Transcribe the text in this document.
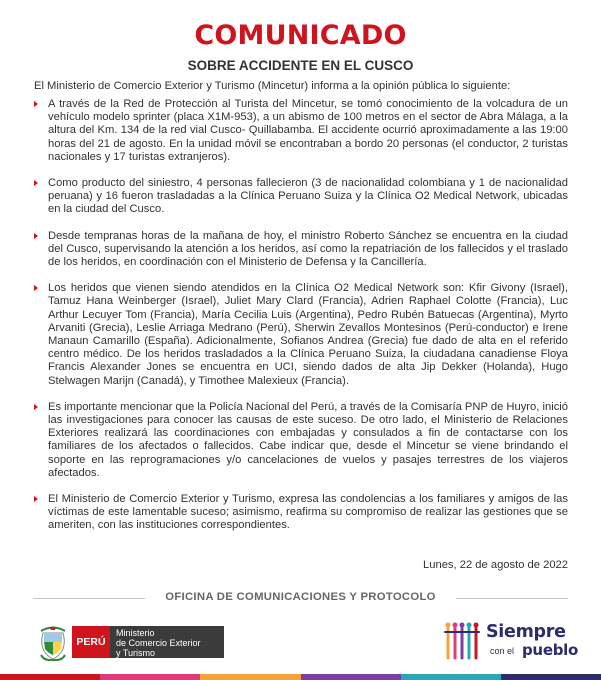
COMUNICADO
SOBRE ACCIDENTE EN EL CUSCO
El Ministerio de Comercio Exterior y Turismo (Mincetur) informa a la opinión pública lo siguiente:
A través de la Red de Protección al Turista del Mincetur, se tomó conocimiento de la volcadura de un vehículo modelo sprinter (placa X1M-953), a un abismo de 100 metros en el sector de Abra Málaga, a la altura del Km. 134 de la red vial Cusco- Quillabamba. El accidente ocurrió aproximadamente a las 19:00 horas del 21 de agosto. En la unidad móvil se encontraban a bordo 20 personas (el conductor, 2 turistas nacionales y 17 turistas extranjeros).
Como producto del siniestro, 4 personas fallecieron (3 de nacionalidad colombiana y 1 de nacionalidad peruana) y 16 fueron trasladadas a la Clínica Peruano Suiza y la Clínica O2 Medical Network, ubicadas en la ciudad del Cusco.
Desde tempranas horas de la mañana de hoy, el ministro Roberto Sánchez se encuentra en la ciudad del Cusco, supervisando la atención a los heridos, así como la repatriación de los fallecidos y el traslado de los heridos, en coordinación con el Ministerio de Defensa y la Cancillería.
Los heridos que vienen siendo atendidos en la Clínica O2 Medical Network son: Kfir Givony (Israel), Tamuz Hana Weinberger (Israel), Juliet Mary Clard (Francia), Adrien Raphael Colotte (Francia), Luc Arthur Lecuyer Tom (Francia), María Cecilia Luis (Argentina), Pedro Rubén Batuecas (Argentina), Myrto Arvaniti (Grecia), Leslie Arriaga Medrano (Perú), Sherwin Zevallos Montesinos (Perú-conductor) e Irene Manaun Camarillo (España). Adicionalmente, Sofianos Andrea (Grecia) fue dado de alta en el referido centro médico. De los heridos trasladados a la Clínica Peruano Suiza, la ciudadana canadiense Floya Francis Alexander Jones se encuentra en UCI, siendo dados de alta Jip Dekker (Holanda), Hugo Stelwagen Marijn (Canadá), y Timothee Malexieux (Francia).
Es importante mencionar que la Policía Nacional del Perú, a través de la Comisaría PNP de Huyro, inició las investigaciones para conocer las causas de este suceso. De otro lado, el Ministerio de Relaciones Exteriores realizará las coordinaciones con embajadas y consulados a fin de contactarse con los familiares de los afectados o fallecidos. Cabe indicar que, desde el Mincetur se viene brindando el soporte en las reprogramaciones y/o cancelaciones de vuelos y pasajes terrestres de los viajeros afectados.
El Ministerio de Comercio Exterior y Turismo, expresa las condolencias a los familiares y amigos de las víctimas de este lamentable suceso; asimismo, reafirma su compromiso de realizar las gestiones que se ameriten, con las instituciones correspondientes.
Lunes, 22 de agosto de 2022
OFICINA DE COMUNICACIONES Y PROTOCOLO
PERÚ
Ministerio
de Comercio Exterior
y Turismo
Siempre
con el pueblo
